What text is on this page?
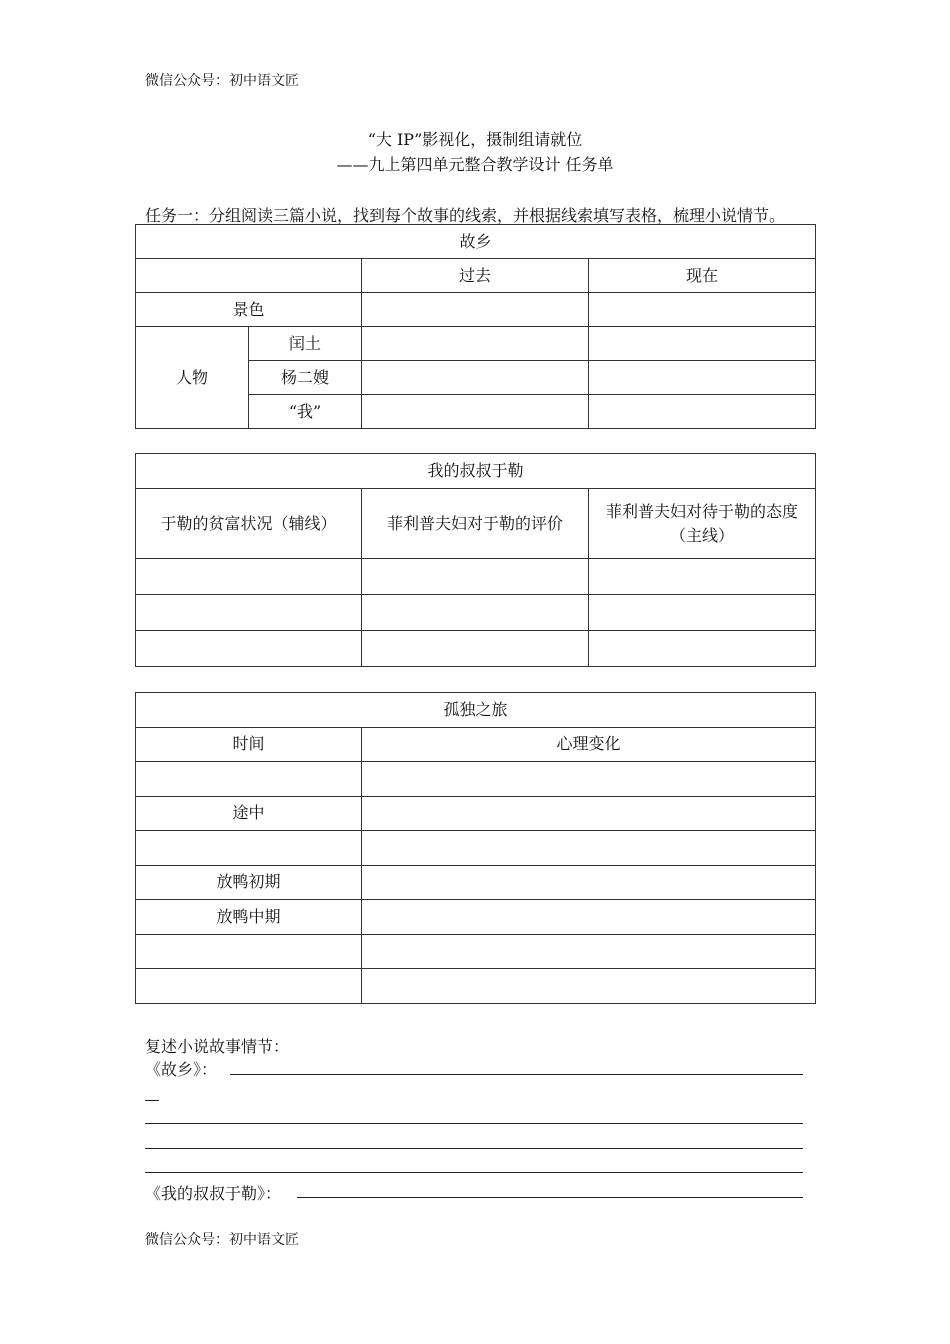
微信公众号：初中语文匠
“大 IP”影视化，摄制组请就位
——九上第四单元整合教学设计 任务单
任务一：分组阅读三篇小说，找到每个故事的线索，并根据线索填写表格，梳理小说情节。
故乡			
		过去	现在
景色			
人物	闰土		
	杨二嫂		
	“我”		
我的叔叔于勒		
于勒的贫富状况（辅线）	菲利普夫妇对于勒的评价	菲利普夫妇对待于勒的态度（主线）

孤独之旅	
时间	心理变化

途中	

放鸭初期	
放鸭中期	

复述小说故事情节：
《故乡》：
《我的叔叔于勒》：
微信公众号：初中语文匠
